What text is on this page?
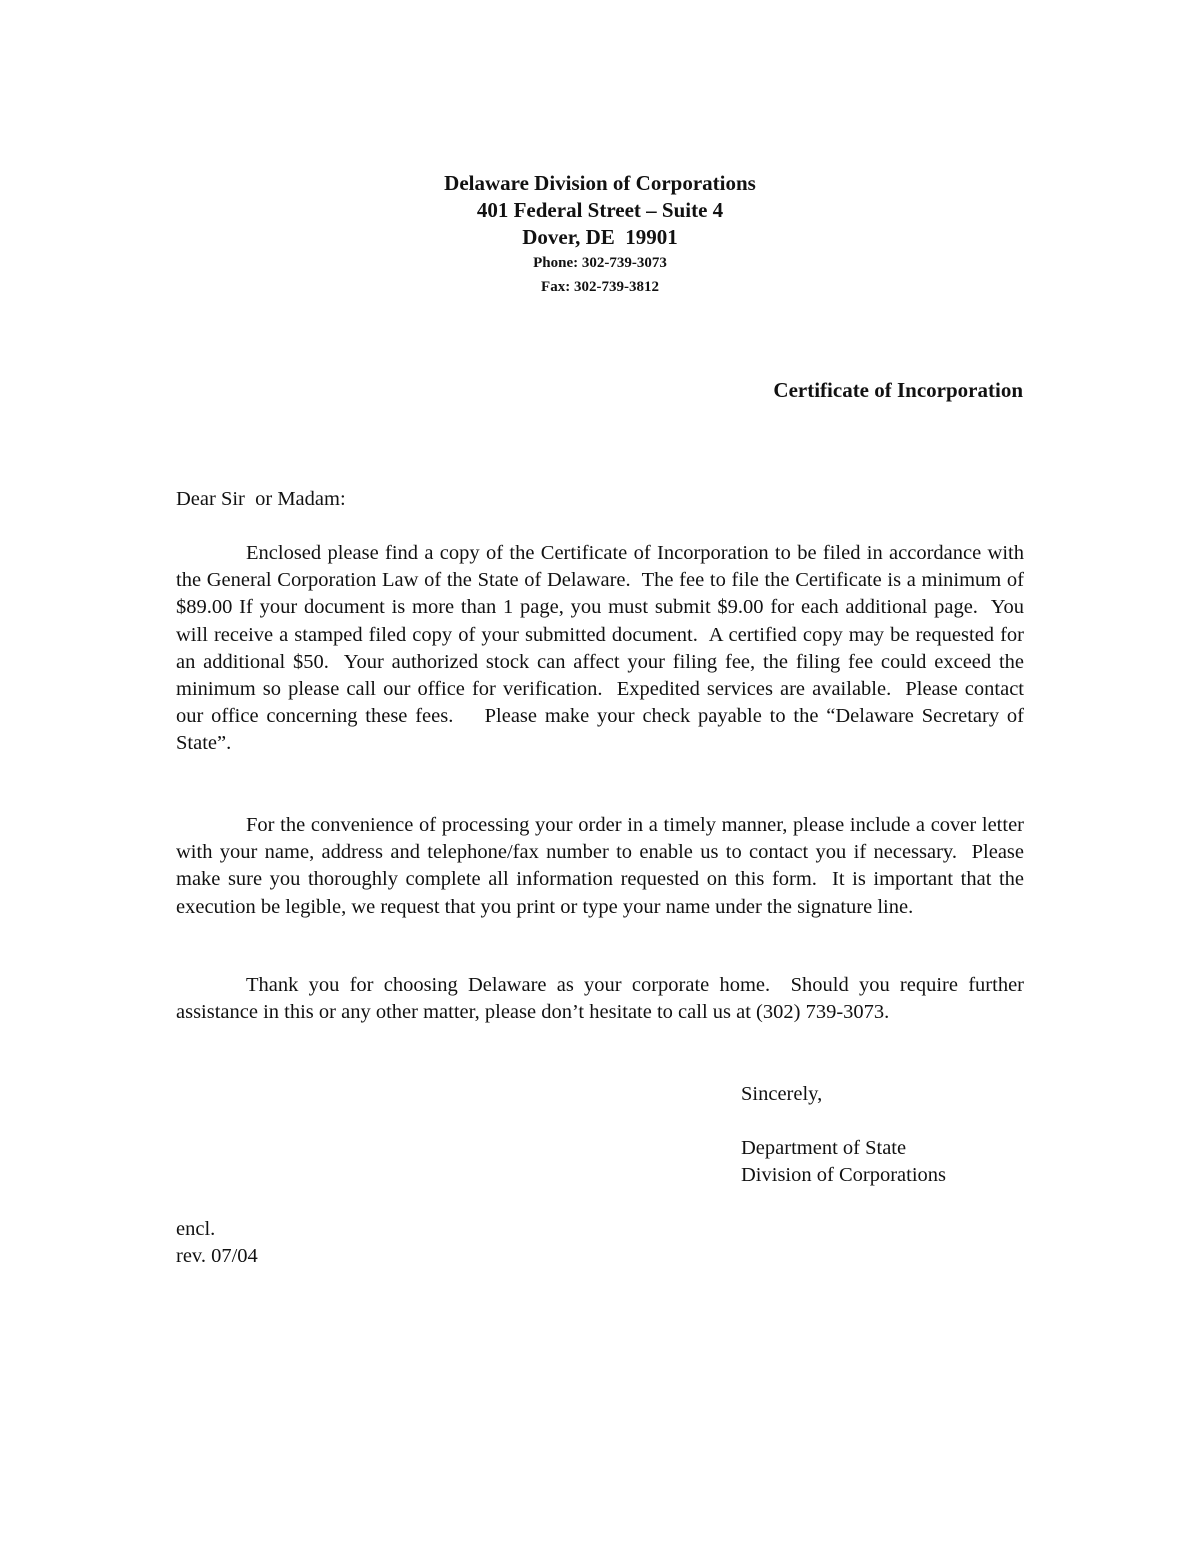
Delaware Division of Corporations
401 Federal Street – Suite 4
Dover, DE  19901
Phone: 302-739-3073
Fax: 302-739-3812
Certificate of Incorporation
Dear Sir  or Madam:

Enclosed please find a copy of the Certificate of Incorporation to be filed in accordance with the General Corporation Law of the State of Delaware.  The fee to file the Certificate is a minimum of $89.00 If your document is more than 1 page, you must submit $9.00 for each additional page.  You will receive a stamped filed copy of your submitted document.  A certified copy may be requested for an additional $50.  Your authorized stock can affect your filing fee, the filing fee could exceed the minimum so please call our office for verification.  Expedited services are available.  Please contact our office concerning these fees.    Please make your check payable to the “Delaware Secretary of State”.

For the convenience of processing your order in a timely manner, please include a cover letter with your name, address and telephone/fax number to enable us to contact you if necessary.  Please make sure you thoroughly complete all information requested on this form.  It is important that the execution be legible, we request that you print or type your name under the signature line.

Thank you for choosing Delaware as your corporate home.  Should you require further assistance in this or any other matter, please don’t hesitate to call us at (302) 739-3073.

Sincerely,
Department of State
Division of Corporations
encl.
rev. 07/04
